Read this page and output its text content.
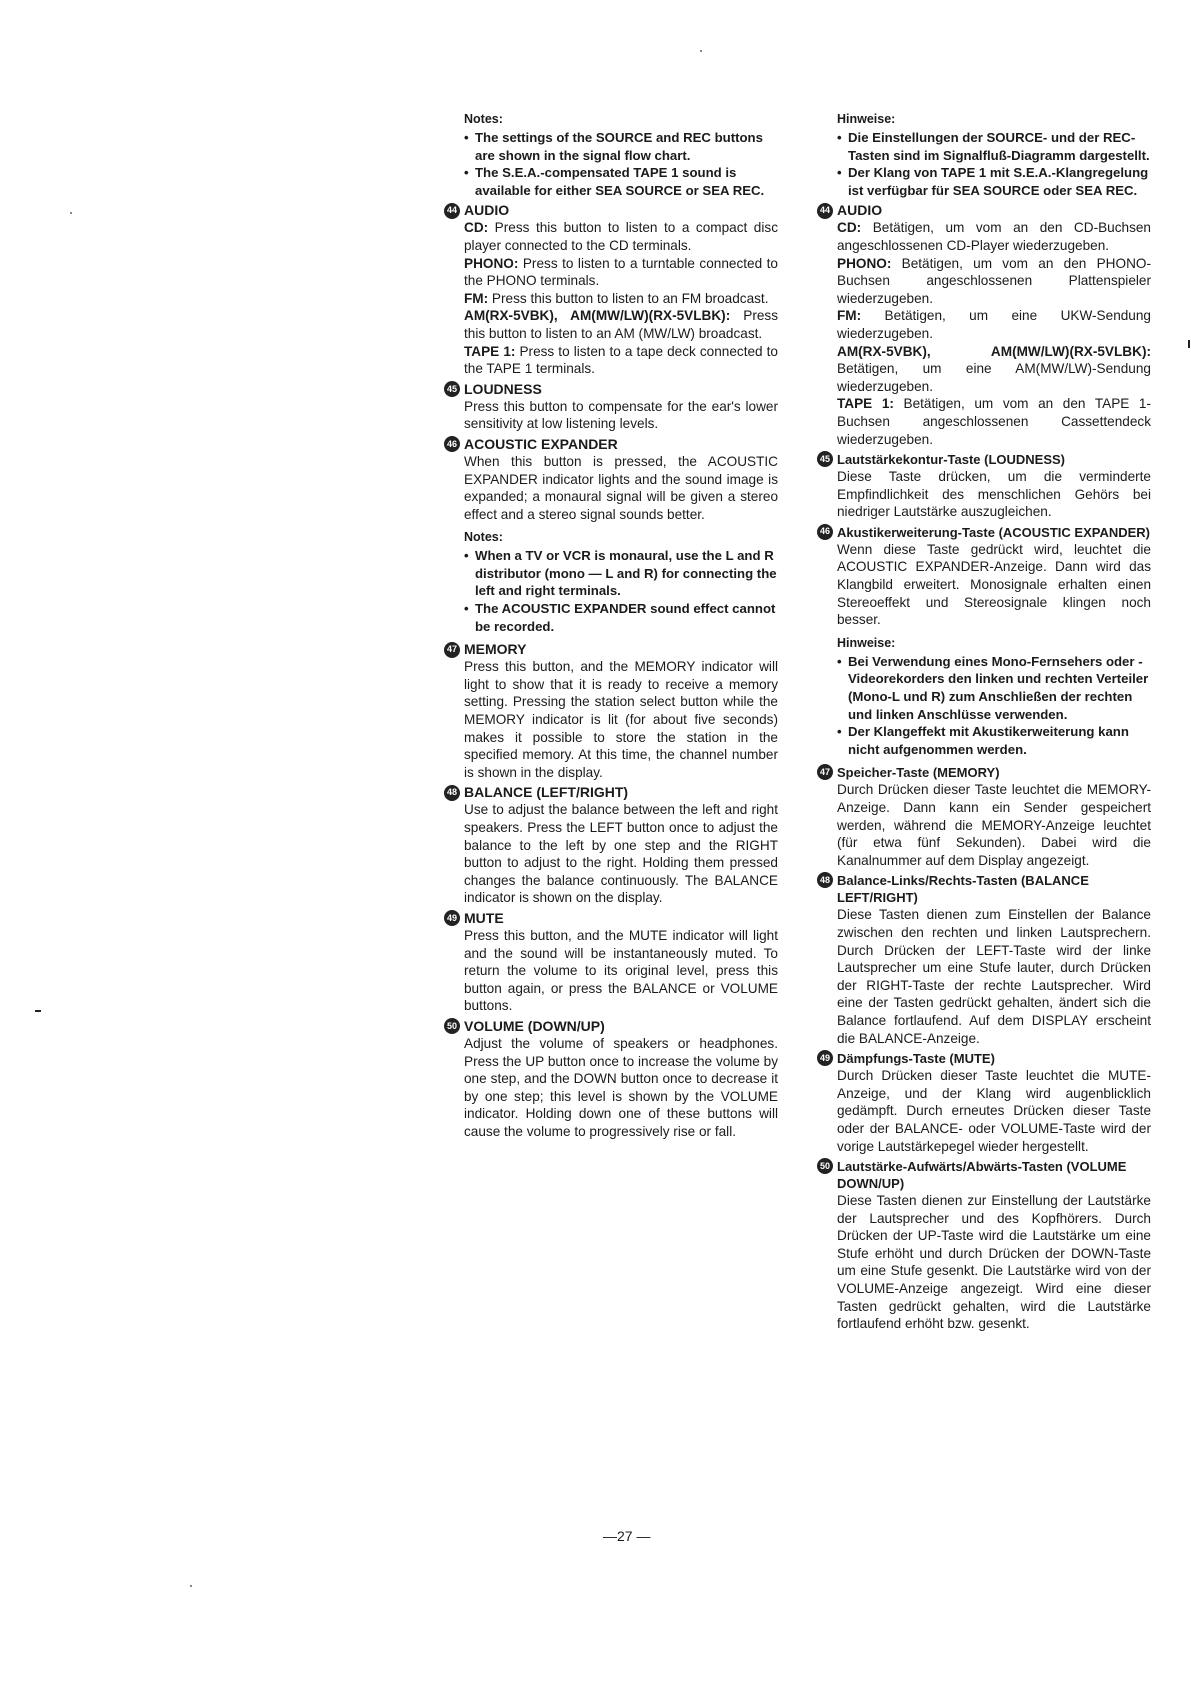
Notes:
• The settings of the SOURCE and REC buttons are shown in the signal flow chart.
• The S.E.A.-compensated TAPE 1 sound is available for either SEA SOURCE or SEA REC.
44 AUDIO

CD: Press this button to listen to a compact disc player connected to the CD terminals.

PHONO: Press to listen to a turntable connected to the PHONO terminals.

FM: Press this button to listen to an FM broadcast.

AM(RX-5VBK), AM(MW/LW)(RX-5VLBK): Press this button to listen to an AM (MW/LW) broadcast.

TAPE 1: Press to listen to a tape deck connected to the TAPE 1 terminals.

45 LOUDNESS
Press this button to compensate for the ear's lower sensitivity at low listening levels.
46 ACOUSTIC EXPANDER
When this button is pressed, the ACOUSTIC EXPANDER indicator lights and the sound image is expanded; a monaural signal will be given a stereo effect and a stereo signal sounds better.
Notes:
• When a TV or VCR is monaural, use the L and R distributor (mono — L and R) for connecting the left and right terminals.
• The ACOUSTIC EXPANDER sound effect cannot be recorded.
47 MEMORY
Press this button, and the MEMORY indicator will light to show that it is ready to receive a memory setting. Pressing the station select button while the MEMORY indicator is lit (for about five seconds) makes it possible to store the station in the specified memory. At this time, the channel number is shown in the display.
48 BALANCE (LEFT/RIGHT)
Use to adjust the balance between the left and right speakers. Press the LEFT button once to adjust the balance to the left by one step and the RIGHT button to adjust to the right. Holding them pressed changes the balance continuously. The BALANCE indicator is shown on the display.
49 MUTE
Press this button, and the MUTE indicator will light and the sound will be instantaneously muted. To return the volume to its original level, press this button again, or press the BALANCE or VOLUME buttons.
50 VOLUME (DOWN/UP)
Adjust the volume of speakers or headphones. Press the UP button once to increase the volume by one step, and the DOWN button once to decrease it by one step; this level is shown by the VOLUME indicator. Holding down one of these buttons will cause the volume to progressively rise or fall.
Hinweise:
• Die Einstellungen der SOURCE- und der REC-Tasten sind im Signalfluß-Diagramm dargestellt.
• Der Klang von TAPE 1 mit S.E.A.-Klangregelung ist verfügbar für SEA SOURCE oder SEA REC.
44 AUDIO

CD: Betätigen, um vom an den CD-Buchsen angeschlossenen CD-Player wiederzugeben.

PHONO: Betätigen, um vom an den PHONO-Buchsen angeschlossenen Plattenspieler wiederzugeben.

FM: Betätigen, um eine UKW-Sendung wiederzugeben.

AM(RX-5VBK), AM(MW/LW)(RX-5VLBK): Betätigen, um eine AM(MW/LW)-Sendung wiederzugeben.

TAPE 1: Betätigen, um vom an den TAPE 1-Buchsen angeschlossenen Cassettendeck wiederzugeben.

45 Lautstärkekontur-Taste (LOUDNESS)
Diese Taste drücken, um die verminderte Empfindlichkeit des menschlichen Gehörs bei niedriger Lautstärke auszugleichen.
46 Akustikerweiterung-Taste (ACOUSTIC EXPANDER)
Wenn diese Taste gedrückt wird, leuchtet die ACOUSTIC EXPANDER-Anzeige. Dann wird das Klangbild erweitert. Monosignale erhalten einen Stereoeffekt und Stereosignale klingen noch besser.
Hinweise:
• Bei Verwendung eines Mono-Fernsehers oder -Videorekorders den linken und rechten Verteiler (Mono-L und R) zum Anschließen der rechten und linken Anschlüsse verwenden.
• Der Klangeffekt mit Akustikerweiterung kann nicht aufgenommen werden.
47 Speicher-Taste (MEMORY)
Durch Drücken dieser Taste leuchtet die MEMORY-Anzeige. Dann kann ein Sender gespeichert werden, während die MEMORY-Anzeige leuchtet (für etwa fünf Sekunden). Dabei wird die Kanalnummer auf dem Display angezeigt.
48 Balance-Links/Rechts-Tasten (BALANCE LEFT/RIGHT)
Diese Tasten dienen zum Einstellen der Balance zwischen den rechten und linken Lautsprechern. Durch Drücken der LEFT-Taste wird der linke Lautsprecher um eine Stufe lauter, durch Drücken der RIGHT-Taste der rechte Lautsprecher. Wird eine der Tasten gedrückt gehalten, ändert sich die Balance fortlaufend. Auf dem DISPLAY erscheint die BALANCE-Anzeige.
49 Dämpfungs-Taste (MUTE)
Durch Drücken dieser Taste leuchtet die MUTE-Anzeige, und der Klang wird augenblicklich gedämpft. Durch erneutes Drücken dieser Taste oder der BALANCE- oder VOLUME-Taste wird der vorige Lautstärkepegel wieder hergestellt.
50 Lautstärke-Aufwärts/Abwärts-Tasten (VOLUME DOWN/UP)
Diese Tasten dienen zur Einstellung der Lautstärke der Lautsprecher und des Kopfhörers. Durch Drücken der UP-Taste wird die Lautstärke um eine Stufe erhöht und durch Drücken der DOWN-Taste um eine Stufe gesenkt. Die Lautstärke wird von der VOLUME-Anzeige angezeigt. Wird eine dieser Tasten gedrückt gehalten, wird die Lautstärke fortlaufend erhöht bzw. gesenkt.
—27 —
